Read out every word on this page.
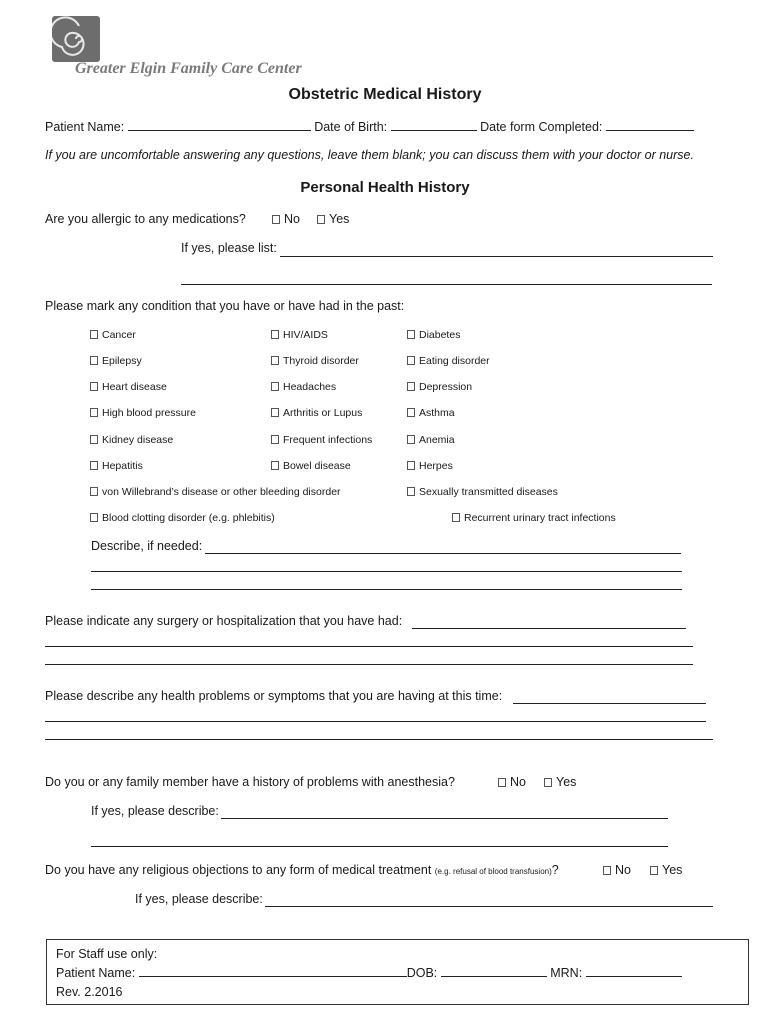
Greater Elgin Family Care Center
Obstetric Medical History
Patient Name:	Date of Birth:	Date form Completed:
If you are uncomfortable answering any questions, leave them blank; you can discuss them with your doctor or nurse.
Personal Health History
Are you allergic to any medications?	No	Yes
If yes, please list:
Please mark any condition that you have or have had in the past:
Cancer	HIV/AIDS	Diabetes
Epilepsy	Thyroid disorder	Eating disorder
Heart disease	Headaches	Depression
High blood pressure	Arthritis or Lupus	Asthma
Kidney disease	Frequent infections	Anemia
Hepatitis	Bowel disease	Herpes
von Willebrand’s disease or other bleeding disorder	Sexually transmitted diseases
Blood clotting disorder (e.g. phlebitis)	Recurrent urinary tract infections
Describe, if needed:
Please indicate any surgery or hospitalization that you have had:
Please describe any health problems or symptoms that you are having at this time:
Do you or any family member have a history of problems with anesthesia?	No	Yes
If yes, please describe:
Do you have any religious objections to any form of medical treatment (e.g. refusal of blood transfusion)?	No	Yes
If yes, please describe:
For Staff use only:
Patient Name:	DOB:	MRN:
Rev. 2.2016
